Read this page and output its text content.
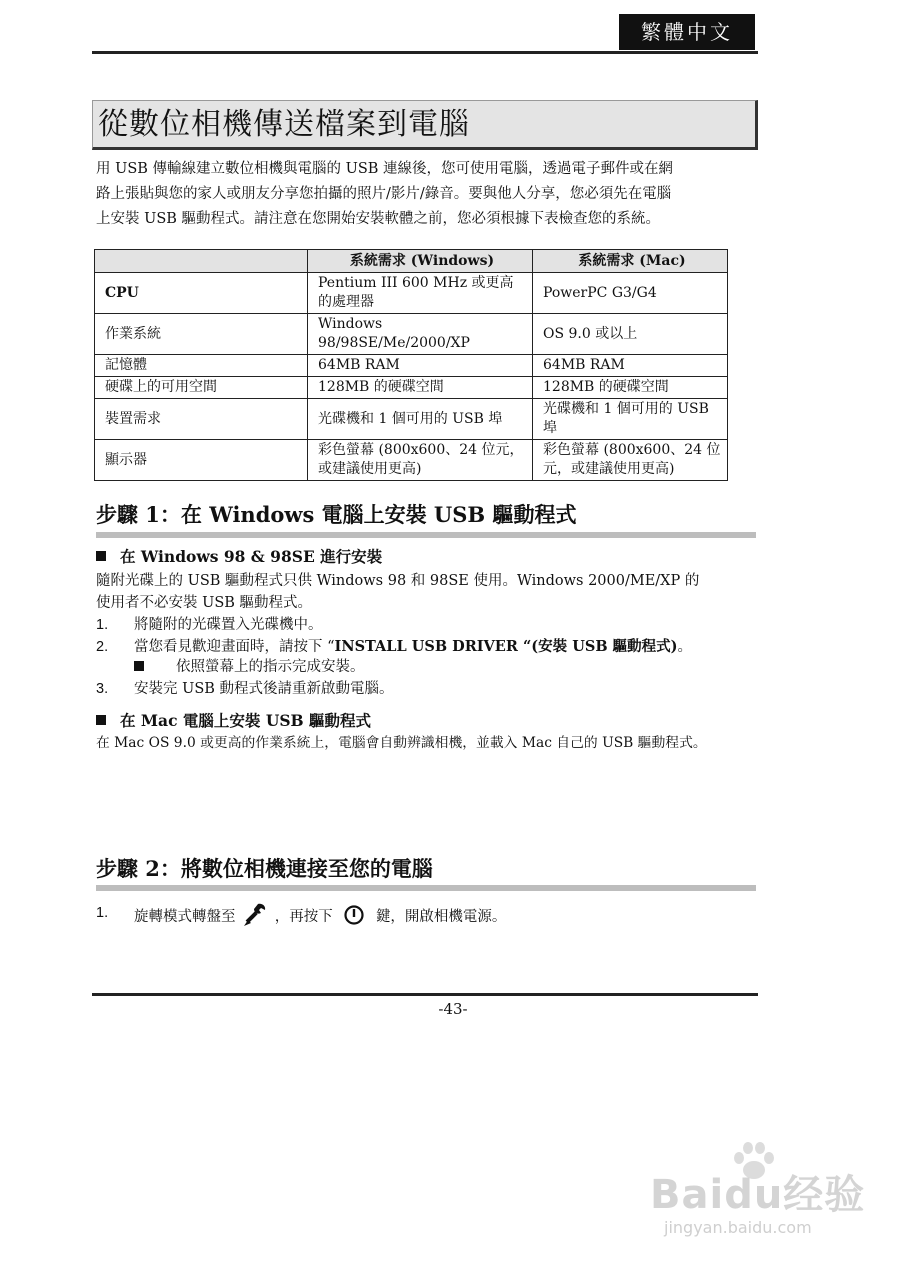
繁體中文
從數位相機傳送檔案到電腦
用 USB 傳輸線建立數位相機與電腦的 USB 連線後，您可使用電腦，透過電子郵件或在網
路上張貼與您的家人或朋友分享您拍攝的照片/影片/錄音。要與他人分享，您必須先在電腦
上安裝 USB 驅動程式。請注意在您開始安裝軟體之前，您必須根據下表檢查您的系統。
	系統需求 (Windows)	系統需求 (Mac)
CPU	Pentium III 600 MHz 或更高的處理器	PowerPC G3/G4
作業系統	Windows 98/98SE/Me/2000/XP	OS 9.0 或以上
記憶體	64MB RAM	64MB RAM
硬碟上的可用空間	128MB 的硬碟空間	128MB 的硬碟空間
裝置需求	光碟機和 1 個可用的 USB 埠	光碟機和 1 個可用的 USB 埠
顯示器	彩色螢幕 (800x600、24 位元，或建議使用更高)	彩色螢幕 (800x600、24 位元，或建議使用更高)
步驟 1：在 Windows 電腦上安裝 USB 驅動程式
在 Windows 98 & 98SE 進行安裝
隨附光碟上的 USB 驅動程式只供 Windows 98 和 98SE 使用。Windows 2000/ME/XP 的
使用者不必安裝 USB 驅動程式。
1. 將隨附的光碟置入光碟機中。
2. 當您看見歡迎畫面時，請按下 “INSTALL USB DRIVER “(安裝 USB 驅動程式)。
依照螢幕上的指示完成安裝。
3. 安裝完 USB 動程式後請重新啟動電腦。
在 Mac 電腦上安裝 USB 驅動程式
在 Mac OS 9.0 或更高的作業系統上，電腦會自動辨識相機，並載入 Mac 自己的 USB 驅動程式。
步驟 2：將數位相機連接至您的電腦
1. 旋轉模式轉盤至	，再按下	鍵，開啟相機電源。
-43-
Baidu经验
jingyan.baidu.com
